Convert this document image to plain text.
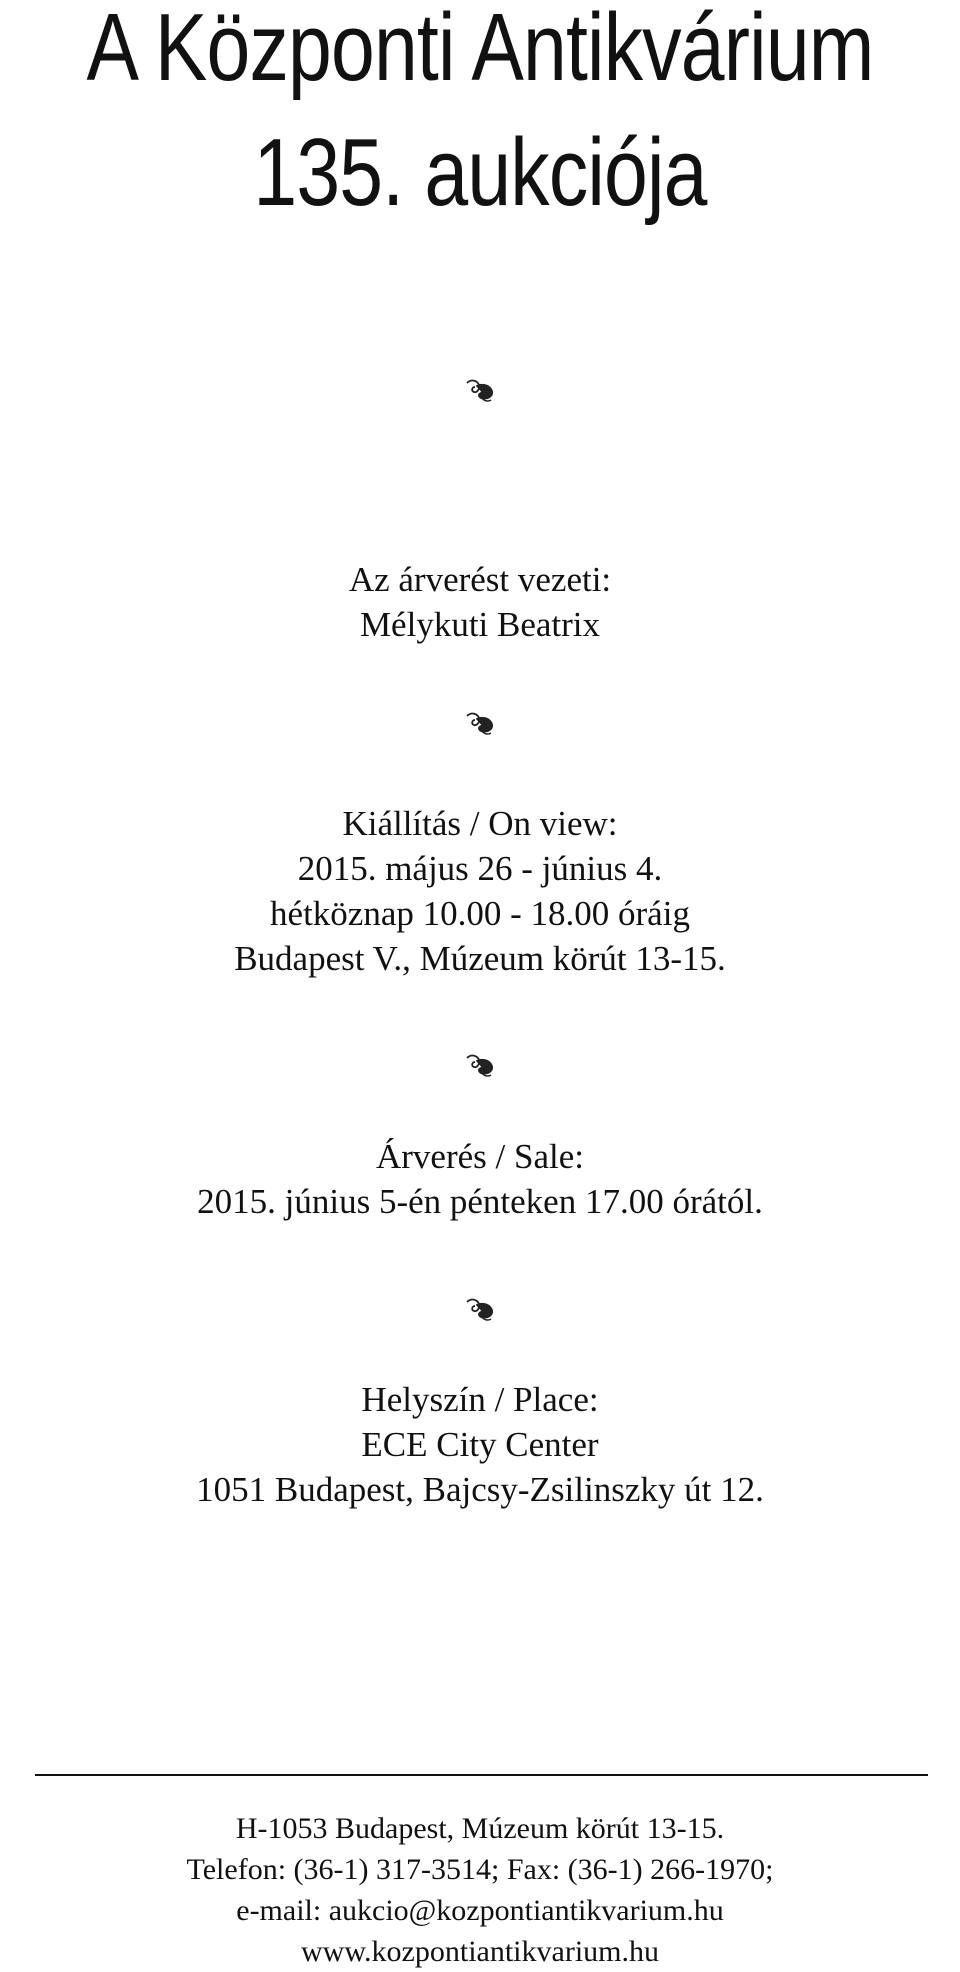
A Központi Antikvárium
135. aukciója
Az árverést vezeti:
Mélykuti Beatrix
Kiállítás / On view:
2015. május 26 - június 4.
hétköznap 10.00 - 18.00 óráig
Budapest V., Múzeum körút 13-15.
Árverés / Sale:
2015. június 5-én pénteken 17.00 órától.
Helyszín / Place:
ECE City Center
1051 Budapest, Bajcsy-Zsilinszky út 12.
H-1053 Budapest, Múzeum körút 13-15.
Telefon: (36-1) 317-3514; Fax: (36-1) 266-1970;
e-mail: aukcio@kozpontiantikvarium.hu
www.kozpontiantikvarium.hu
